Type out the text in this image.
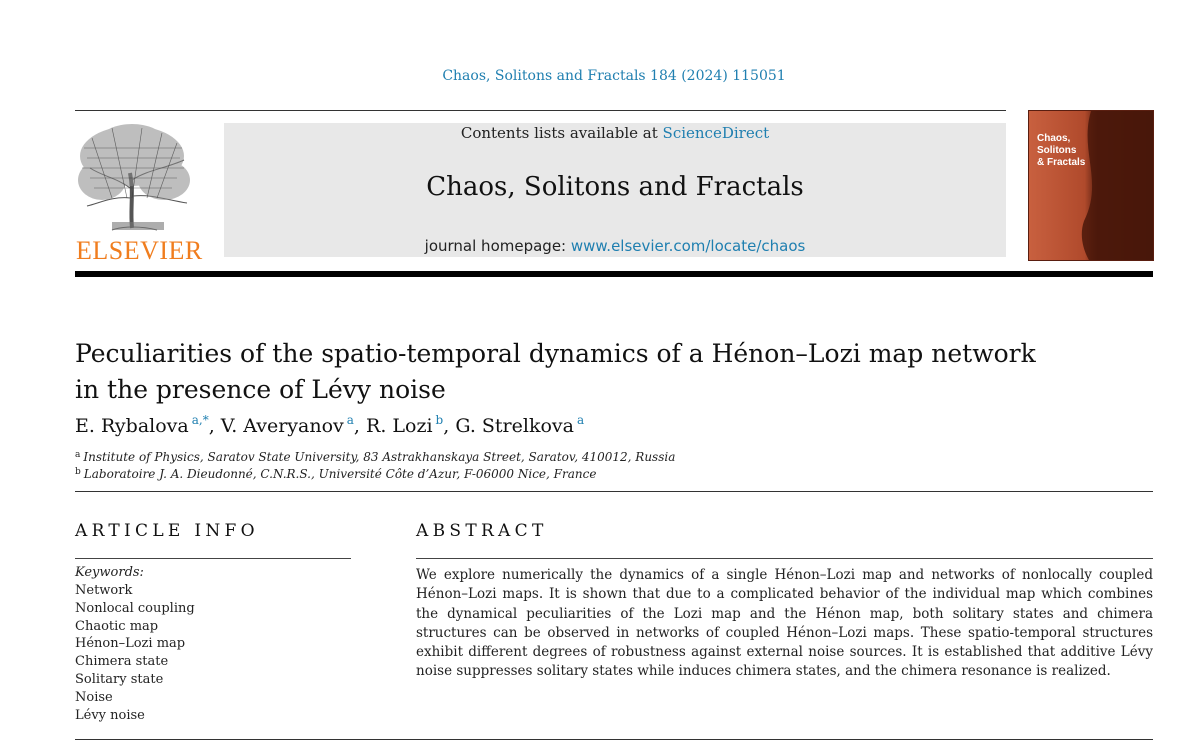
Chaos, Solitons and Fractals 184 (2024) 115051
ELSEVIER
Contents lists available at ScienceDirect
Chaos, Solitons and Fractals
journal homepage: www.elsevier.com/locate/chaos
Chaos,
Solitons
& Fractals
Peculiarities of the spatio-temporal dynamics of a Hénon–Lozi map network
in the presence of Lévy noise
E. Rybalova $^{a,*}$, V. Averyanov $^a$, R. Lozi $^b$, G. Strelkova $^a$
$^a$ Institute of Physics, Saratov State University, 83 Astrakhanskaya Street, Saratov, 410012, Russia
$^b$ Laboratoire J. A. Dieudonné, C.N.R.S., Université Côte d’Azur, F-06000 Nice, France
ARTICLE INFO
Keywords:
Network
Nonlocal coupling
Chaotic map
Hénon–Lozi map
Chimera state
Solitary state
Noise
Lévy noise
ABSTRACT

We explore numerically the dynamics of a single Hénon–Lozi map and networks of nonlocally coupled Hénon–Lozi maps. It is shown that due to a complicated behavior of the individual map which combines the dynamical peculiarities of the Lozi map and the Hénon map, both solitary states and chimera structures can be observed in networks of coupled Hénon–Lozi maps. These spatio-temporal structures exhibit different degrees of robustness against external noise sources. It is established that additive Lévy noise suppresses solitary states while induces chimera states, and the chimera resonance is realized.
